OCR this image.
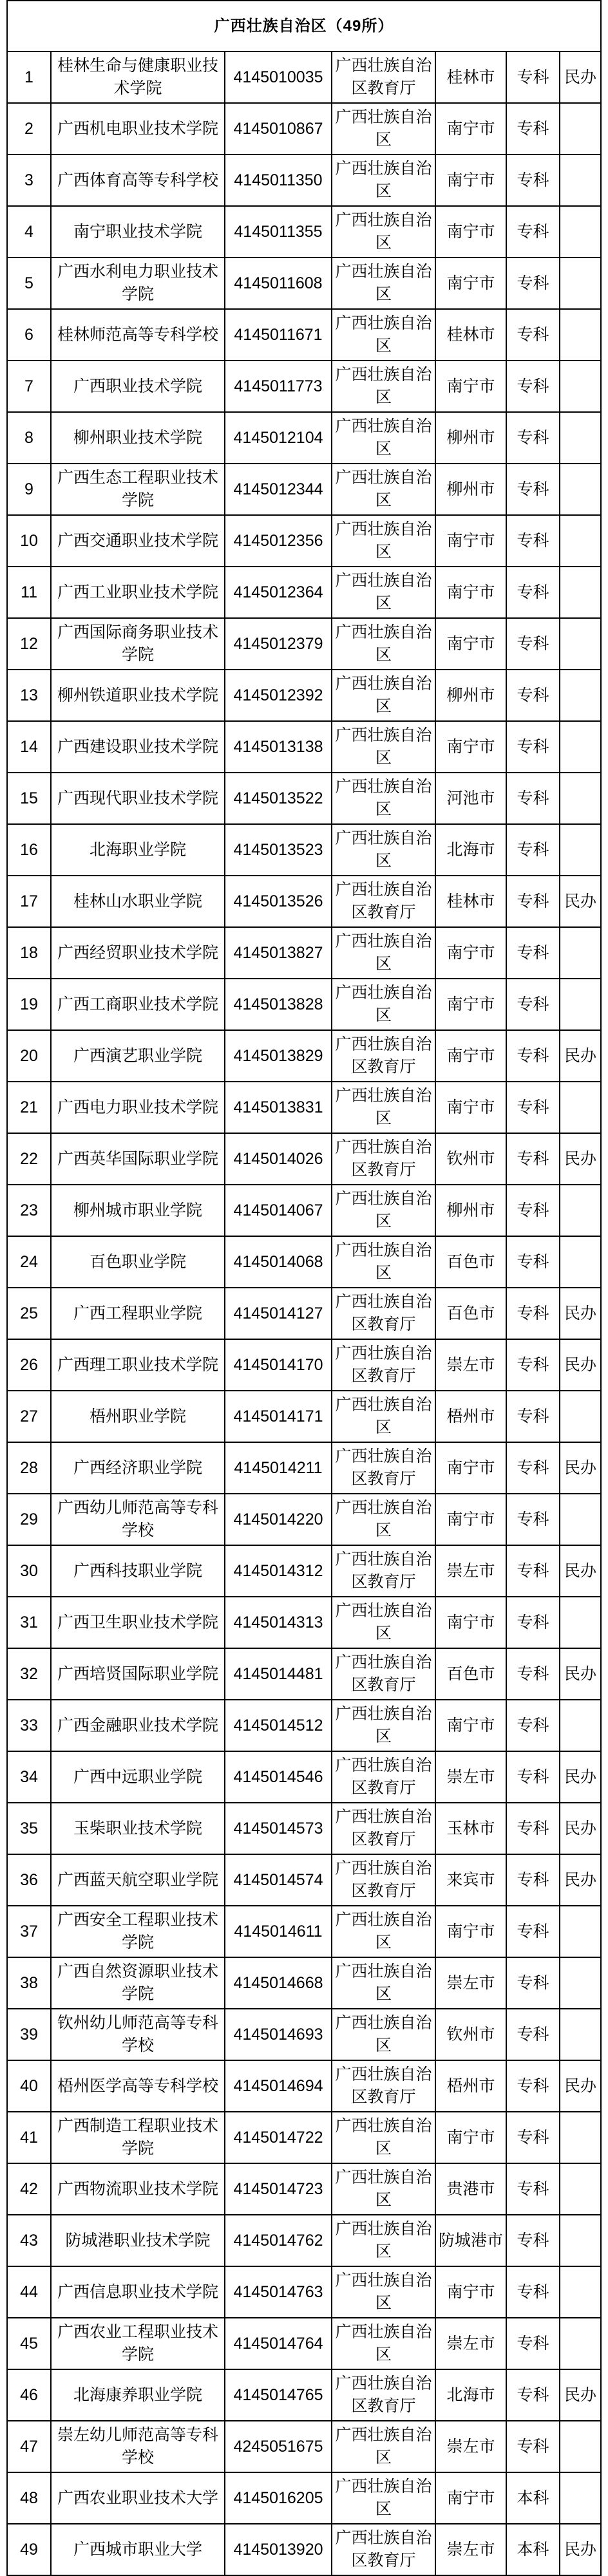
广西壮族自治区（49所）						
1	桂林生命与健康职业技术学院	4145010035	广西壮族自治区教育厅	桂林市	专科	民办
2	广西机电职业技术学院	4145010867	广西壮族自治区	南宁市	专科	
3	广西体育高等专科学校	4145011350	广西壮族自治区	南宁市	专科	
4	南宁职业技术学院	4145011355	广西壮族自治区	南宁市	专科	
5	广西水利电力职业技术学院	4145011608	广西壮族自治区	南宁市	专科	
6	桂林师范高等专科学校	4145011671	广西壮族自治区	桂林市	专科	
7	广西职业技术学院	4145011773	广西壮族自治区	南宁市	专科	
8	柳州职业技术学院	4145012104	广西壮族自治区	柳州市	专科	
9	广西生态工程职业技术学院	4145012344	广西壮族自治区	柳州市	专科	
10	广西交通职业技术学院	4145012356	广西壮族自治区	南宁市	专科	
11	广西工业职业技术学院	4145012364	广西壮族自治区	南宁市	专科	
12	广西国际商务职业技术学院	4145012379	广西壮族自治区	南宁市	专科	
13	柳州铁道职业技术学院	4145012392	广西壮族自治区	柳州市	专科	
14	广西建设职业技术学院	4145013138	广西壮族自治区	南宁市	专科	
15	广西现代职业技术学院	4145013522	广西壮族自治区	河池市	专科	
16	北海职业学院	4145013523	广西壮族自治区	北海市	专科	
17	桂林山水职业学院	4145013526	广西壮族自治区教育厅	桂林市	专科	民办
18	广西经贸职业技术学院	4145013827	广西壮族自治区	南宁市	专科	
19	广西工商职业技术学院	4145013828	广西壮族自治区	南宁市	专科	
20	广西演艺职业学院	4145013829	广西壮族自治区教育厅	南宁市	专科	民办
21	广西电力职业技术学院	4145013831	广西壮族自治区	南宁市	专科	
22	广西英华国际职业学院	4145014026	广西壮族自治区教育厅	钦州市	专科	民办
23	柳州城市职业学院	4145014067	广西壮族自治区	柳州市	专科	
24	百色职业学院	4145014068	广西壮族自治区	百色市	专科	
25	广西工程职业学院	4145014127	广西壮族自治区教育厅	百色市	专科	民办
26	广西理工职业技术学院	4145014170	广西壮族自治区教育厅	崇左市	专科	民办
27	梧州职业学院	4145014171	广西壮族自治区	梧州市	专科	
28	广西经济职业学院	4145014211	广西壮族自治区教育厅	南宁市	专科	民办
29	广西幼儿师范高等专科学校	4145014220	广西壮族自治区	南宁市	专科	
30	广西科技职业学院	4145014312	广西壮族自治区教育厅	崇左市	专科	民办
31	广西卫生职业技术学院	4145014313	广西壮族自治区	南宁市	专科	
32	广西培贤国际职业学院	4145014481	广西壮族自治区教育厅	百色市	专科	民办
33	广西金融职业技术学院	4145014512	广西壮族自治区	南宁市	专科	
34	广西中远职业学院	4145014546	广西壮族自治区教育厅	崇左市	专科	民办
35	玉柴职业技术学院	4145014573	广西壮族自治区教育厅	玉林市	专科	民办
36	广西蓝天航空职业学院	4145014574	广西壮族自治区教育厅	来宾市	专科	民办
37	广西安全工程职业技术学院	4145014611	广西壮族自治区	南宁市	专科	
38	广西自然资源职业技术学院	4145014668	广西壮族自治区	崇左市	专科	
39	钦州幼儿师范高等专科学校	4145014693	广西壮族自治区	钦州市	专科	
40	梧州医学高等专科学校	4145014694	广西壮族自治区教育厅	梧州市	专科	民办
41	广西制造工程职业技术学院	4145014722	广西壮族自治区	南宁市	专科	
42	广西物流职业技术学院	4145014723	广西壮族自治区	贵港市	专科	
43	防城港职业技术学院	4145014762	广西壮族自治区	防城港市	专科	
44	广西信息职业技术学院	4145014763	广西壮族自治区	南宁市	专科	
45	广西农业工程职业技术学院	4145014764	广西壮族自治区	崇左市	专科	
46	北海康养职业学院	4145014765	广西壮族自治区教育厅	北海市	专科	民办
47	崇左幼儿师范高等专科学校	4245051675	广西壮族自治区	崇左市	专科	
48	广西农业职业技术大学	4145016205	广西壮族自治区	南宁市	本科	
49	广西城市职业大学	4145013920	广西壮族自治区教育厅	崇左市	本科	民办
